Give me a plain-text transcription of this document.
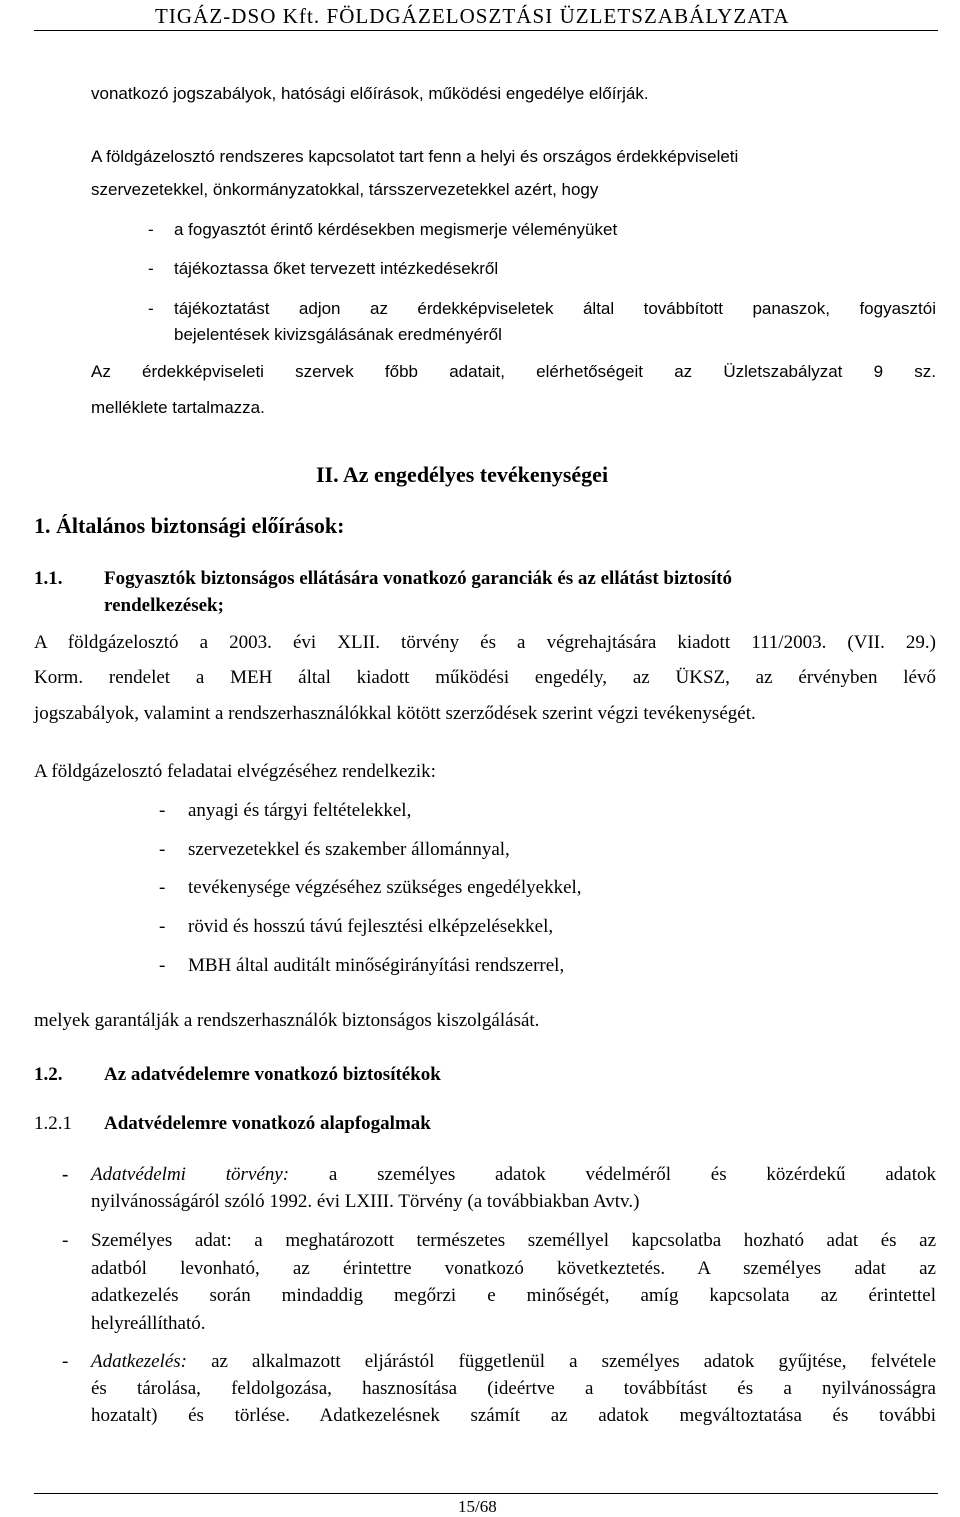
TIGÁZ-DSO Kft. FÖLDGÁZELOSZTÁSI ÜZLETSZABÁLYZATA
vonatkozó jogszabályok, hatósági előírások, működési engedélye előírják.
A földgázelosztó rendszeres kapcsolatot tart fenn a helyi és országos érdekképviseleti
szervezetekkel, önkormányzatokkal, társszervezetekkel azért, hogy
- a fogyasztót érintő kérdésekben megismerje véleményüket
- tájékoztassa őket tervezett intézkedésekről
- tájékoztatást adjon az érdekképviseletek által továbbított panaszok, fogyasztói
bejelentések kivizsgálásának eredményéről
Az érdekképviseleti szervek főbb adatait, elérhetőségeit az Üzletszabályzat 9 sz.
melléklete tartalmazza.
II. Az engedélyes tevékenységei
1. Általános biztonsági előírások:
1.1. Fogyasztók biztonságos ellátására vonatkozó garanciák és az ellátást biztosító
rendelkezések;
A földgázelosztó a 2003. évi XLII. törvény és a végrehajtására kiadott 111/2003. (VII. 29.)
Korm. rendelet a MEH által kiadott működési engedély, az ÜKSZ, az érvényben lévő
jogszabályok, valamint a rendszerhasználókkal kötött szerződések szerint végzi tevékenységét.
A földgázelosztó feladatai elvégzéséhez rendelkezik:
- anyagi és tárgyi feltételekkel,
- szervezetekkel és szakember állománnyal,
- tevékenysége végzéséhez szükséges engedélyekkel,
- rövid és hosszú távú fejlesztési elképzelésekkel,
- MBH által auditált minőségirányítási rendszerrel,
melyek garantálják a rendszerhasználók biztonságos kiszolgálását.
1.2. Az adatvédelemre vonatkozó biztosítékok
1.2.1 Adatvédelemre vonatkozó alapfogalmak
- Adatvédelmi törvény: a személyes adatok védelméről és közérdekű adatok
nyilvánosságáról szóló 1992. évi LXIII. Törvény (a továbbiakban Avtv.)
- Személyes adat: a meghatározott természetes személlyel kapcsolatba hozható adat és az
adatból levonható, az érintettre vonatkozó következtetés. A személyes adat az
adatkezelés során mindaddig megőrzi e minőségét, amíg kapcsolata az érintettel
helyreállítható.
- Adatkezelés: az alkalmazott eljárástól függetlenül a személyes adatok gyűjtése, felvétele
és tárolása, feldolgozása, hasznosítása (ideértve a továbbítást és a nyilvánosságra
hozatalt) és törlése. Adatkezelésnek számít az adatok megváltoztatása és további
15/68
